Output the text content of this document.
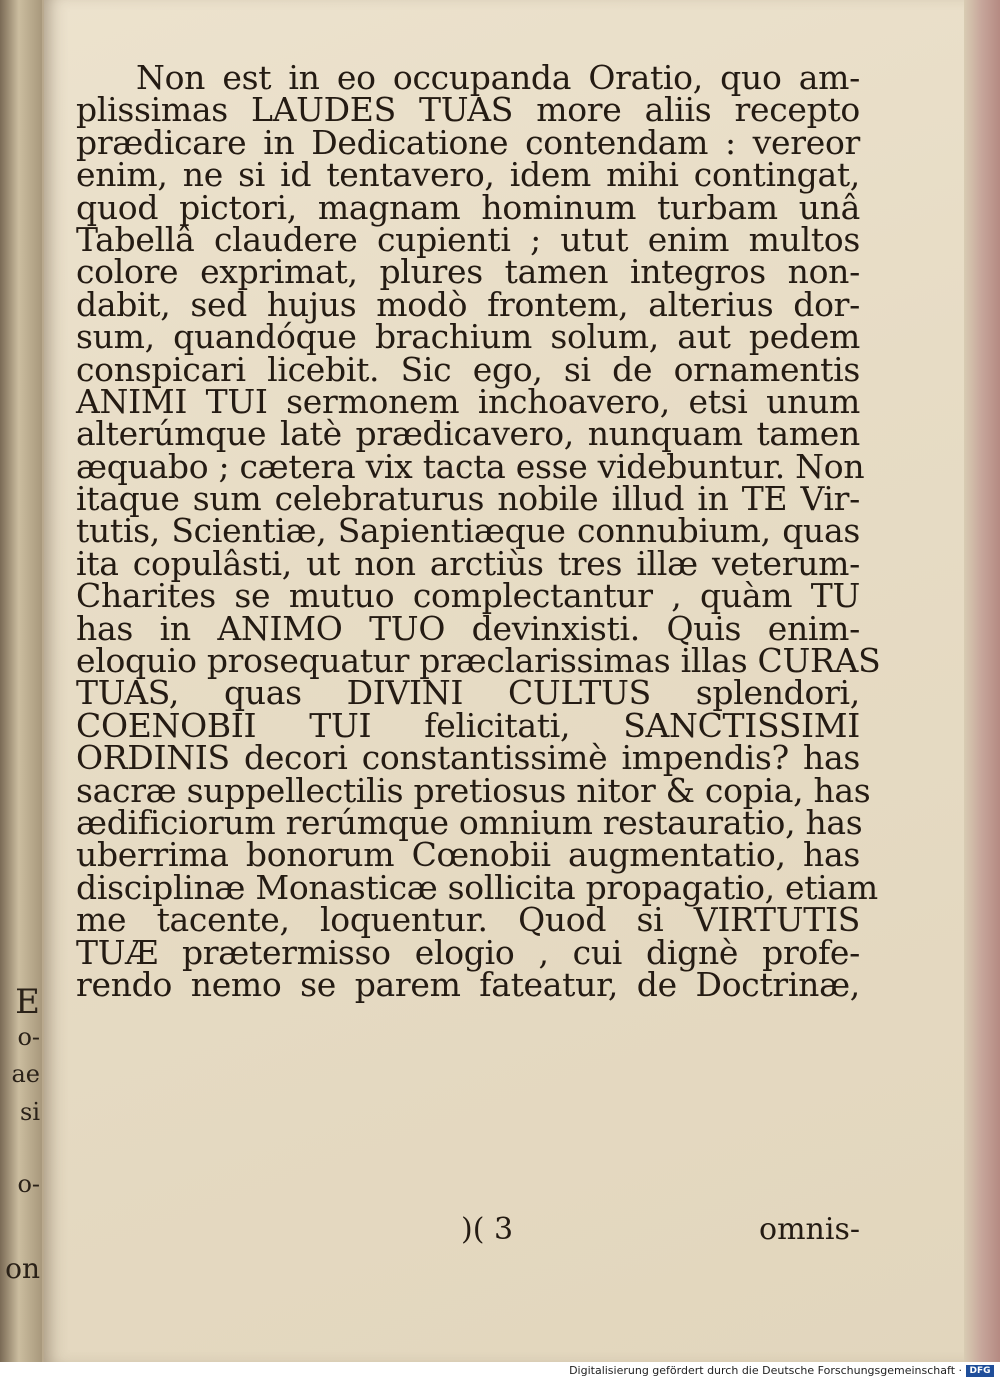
E
o-
ae
si
o-
on
Non est in eo occupanda Oratio, quo am-
plissimas LAUDES TUAS more aliis recepto
prædicare in Dedicatione contendam : vereor
enim, ne si id tentavero, idem mihi contingat,
quod pictori, magnam hominum turbam unâ
Tabellâ claudere cupienti ; utut enim multos
colore exprimat, plures tamen integros non-
dabit, sed hujus modò frontem, alterius dor-
sum, quandóque brachium solum, aut pedem
conspicari licebit. Sic ego, si de ornamentis
ANIMI TUI sermonem inchoavero, etsi unum
alterúmque latè prædicavero, nunquam tamen
æquabo ; cætera vix tacta esse videbuntur. Non
itaque sum celebraturus nobile illud in TE Vir-
tutis, Scientiæ, Sapientiæque connubium, quas
ita copulâsti, ut non arctiùs tres illæ veterum-
Charites se mutuo complectantur , quàm TU
has in ANIMO TUO devinxisti. Quis enim-
eloquio prosequatur præclarissimas illas CURAS
TUAS, quas DIVINI CULTUS splendori,
COENOBII TUI felicitati, SANCTISSIMI
ORDINIS decori constantissimè impendis? has
sacræ suppellectilis pretiosus nitor & copia, has
ædificiorum rerúmque omnium restauratio, has
uberrima bonorum Cœnobii augmentatio, has
disciplinæ Monasticæ sollicita propagatio, etiam
me tacente, loquentur. Quod si VIRTUTIS
TUÆ prætermisso elogio , cui dignè profe-
rendo nemo se parem fateatur, de Doctrinæ,
)( 3	omnis-
Digitalisierung gefördert durch die Deutsche Forschungsgemeinschaft · DFG
